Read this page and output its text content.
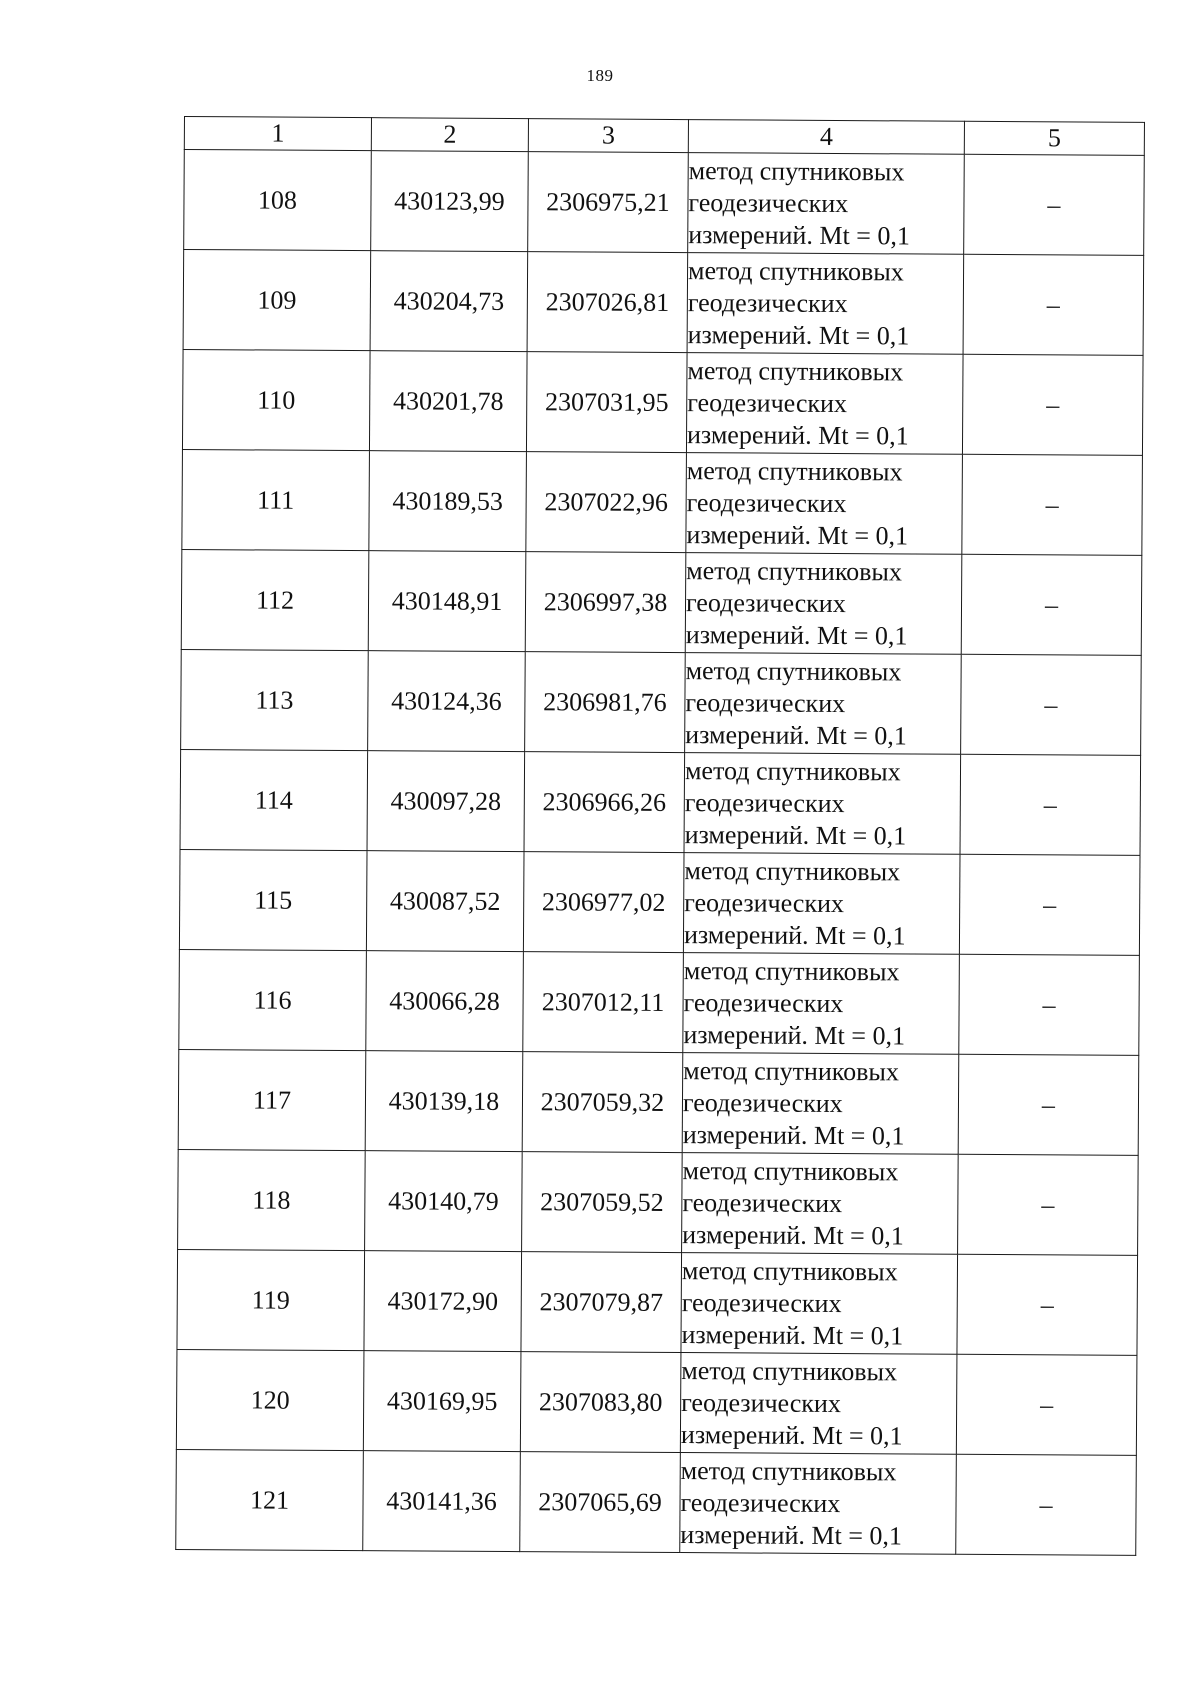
189
1	2	3	4	5
108	430123,99	2306975,21	метод спутниковых
геодезических
измерений. Mt = 0,1	–
109	430204,73	2307026,81	метод спутниковых
геодезических
измерений. Mt = 0,1	–
110	430201,78	2307031,95	метод спутниковых
геодезических
измерений. Mt = 0,1	–
111	430189,53	2307022,96	метод спутниковых
геодезических
измерений. Mt = 0,1	–
112	430148,91	2306997,38	метод спутниковых
геодезических
измерений. Mt = 0,1	–
113	430124,36	2306981,76	метод спутниковых
геодезических
измерений. Mt = 0,1	–
114	430097,28	2306966,26	метод спутниковых
геодезических
измерений. Mt = 0,1	–
115	430087,52	2306977,02	метод спутниковых
геодезических
измерений. Mt = 0,1	–
116	430066,28	2307012,11	метод спутниковых
геодезических
измерений. Mt = 0,1	–
117	430139,18	2307059,32	метод спутниковых
геодезических
измерений. Mt = 0,1	–
118	430140,79	2307059,52	метод спутниковых
геодезических
измерений. Mt = 0,1	–
119	430172,90	2307079,87	метод спутниковых
геодезических
измерений. Mt = 0,1	–
120	430169,95	2307083,80	метод спутниковых
геодезических
измерений. Mt = 0,1	–
121	430141,36	2307065,69	метод спутниковых
геодезических
измерений. Mt = 0,1	–
